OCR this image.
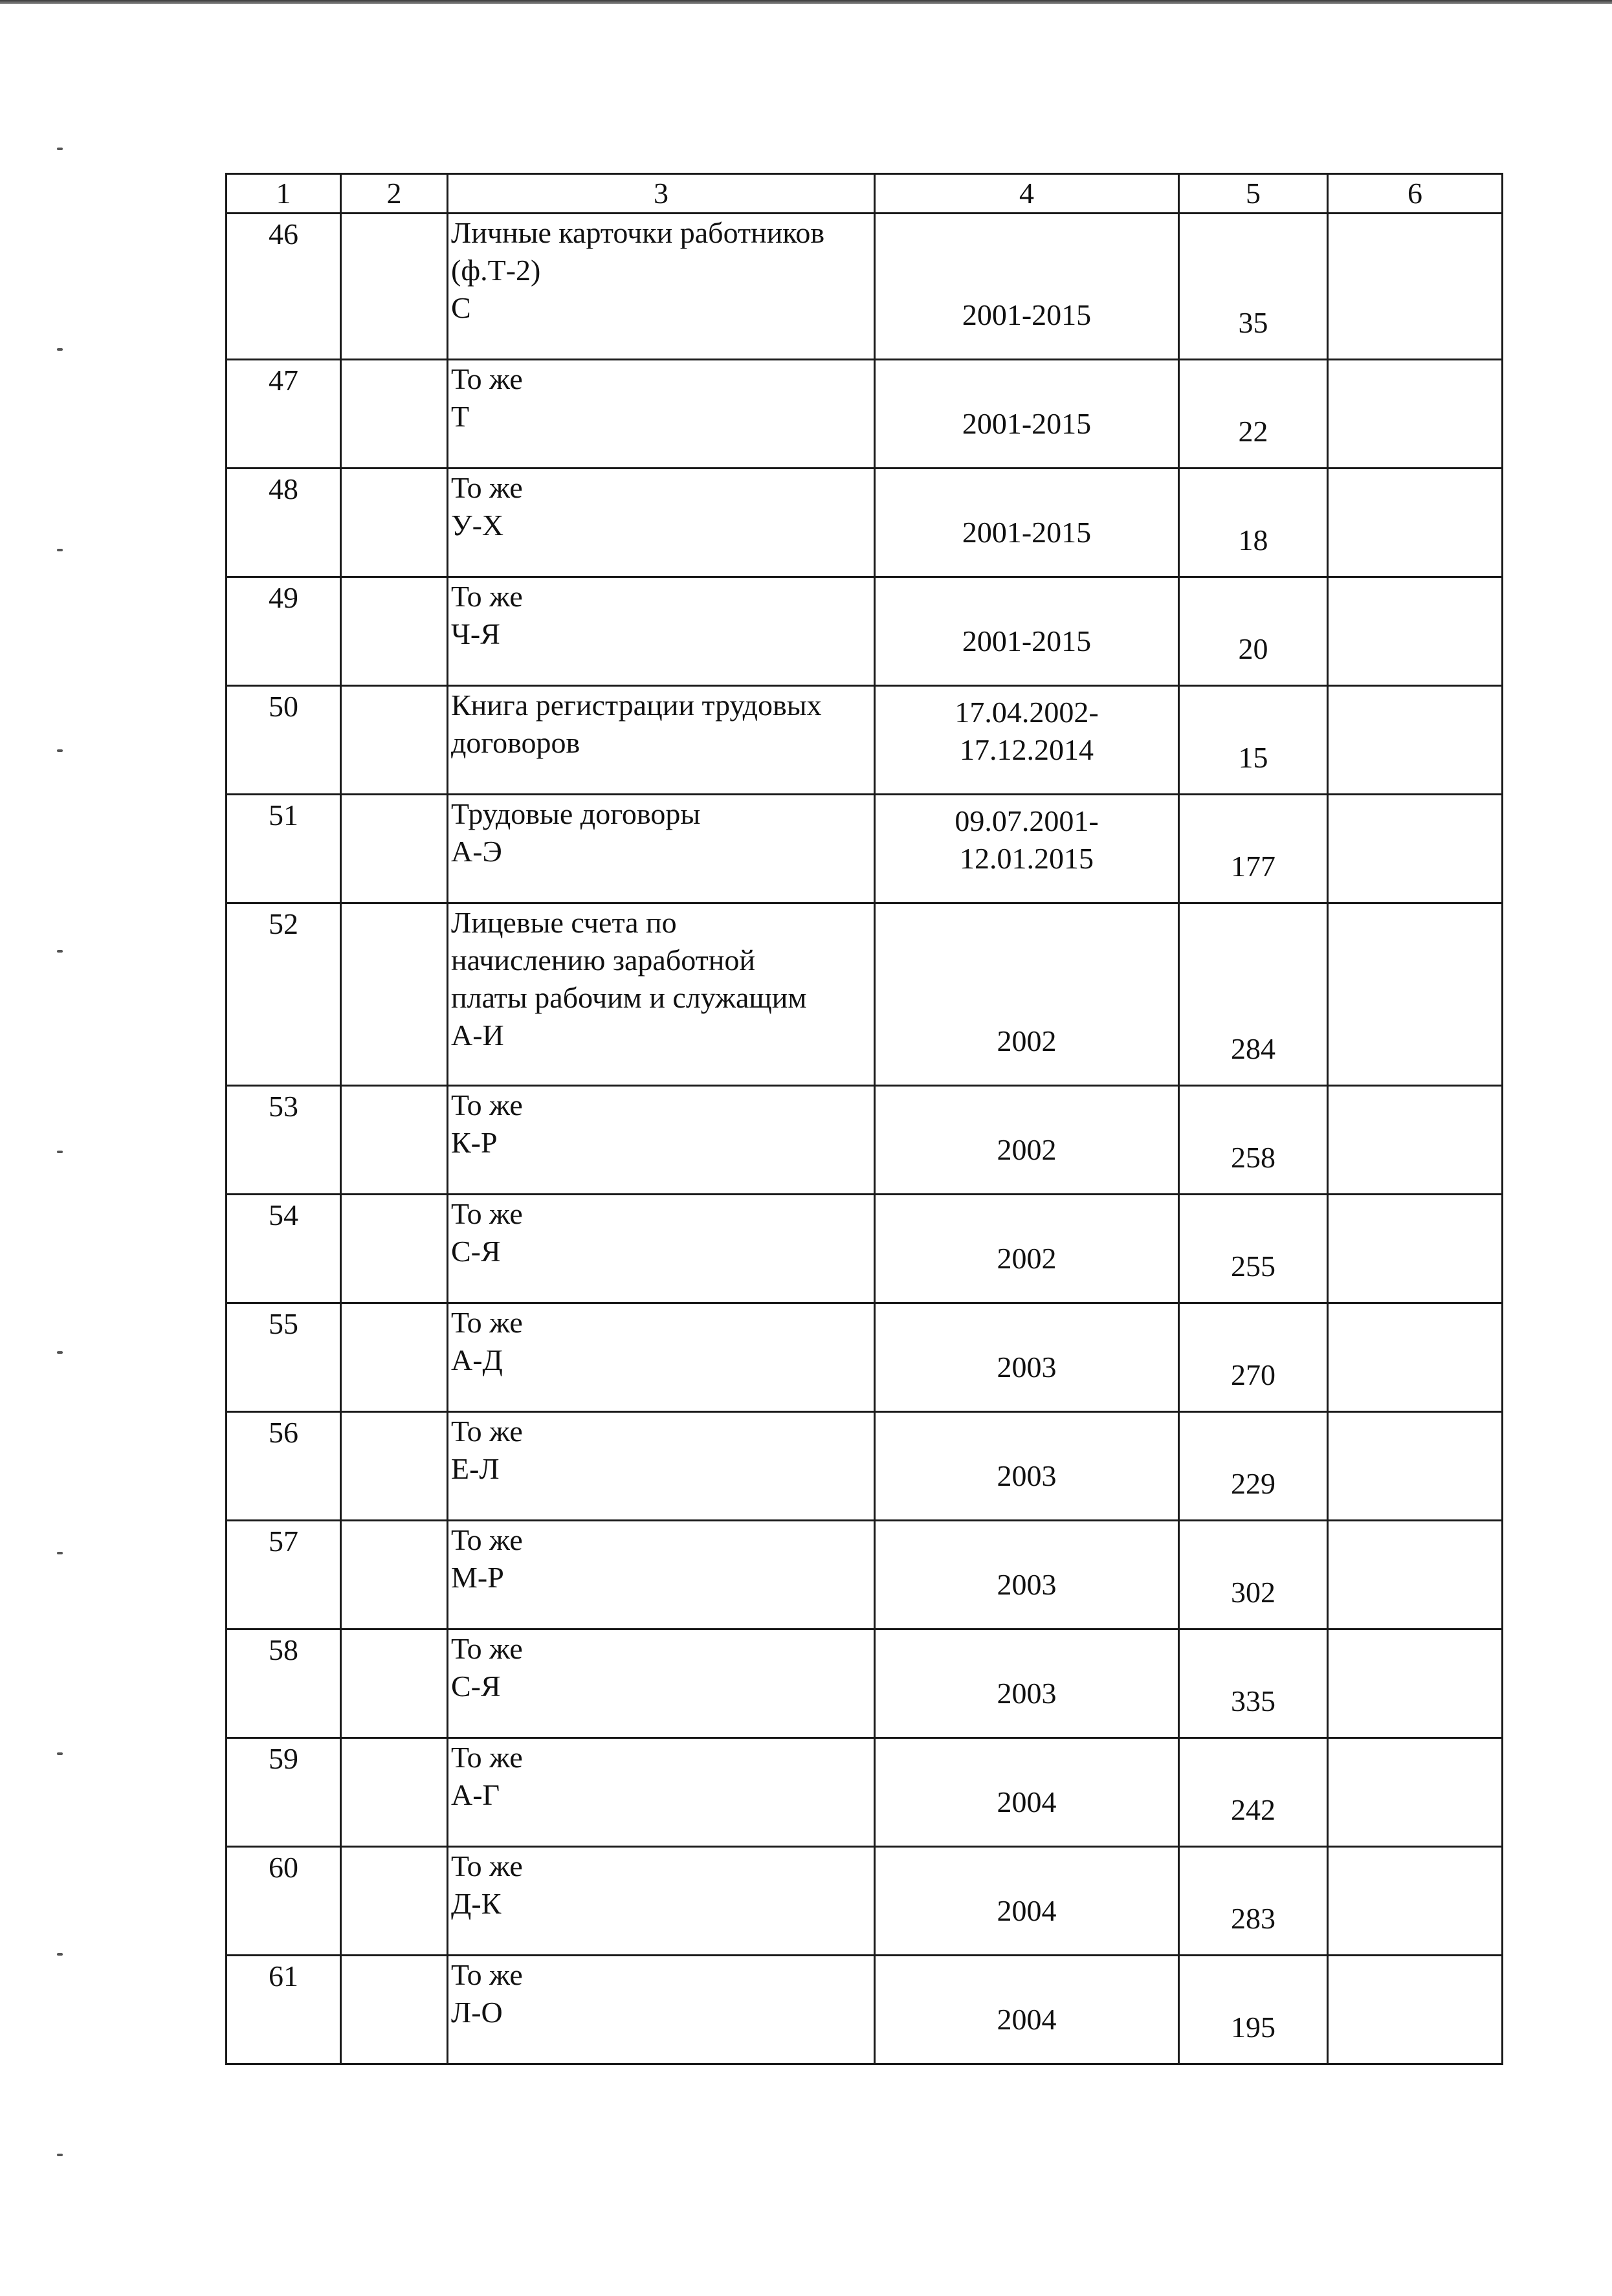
1	2	3	4	5	6
46		Личные карточки работников
(ф.Т-2)
С	2001-2015	35	
47		То же
Т	2001-2015	22	
48		То же
У-Х	2001-2015	18	
49		То же
Ч-Я	2001-2015	20	
50		Книга регистрации трудовых
договоров	17.04.2002-
17.12.2014	15	
51		Трудовые договоры
А-Э	09.07.2001-
12.01.2015	177	
52		Лицевые счета по
начислению заработной
платы рабочим и служащим
А-И	2002	284	
53		То же
К-Р	2002	258	
54		То же
С-Я	2002	255	
55		То же
А-Д	2003	270	
56		То же
Е-Л	2003	229	
57		То же
М-Р	2003	302	
58		То же
С-Я	2003	335	
59		То же
А-Г	2004	242	
60		То же
Д-К	2004	283	
61		То же
Л-О	2004	195	
